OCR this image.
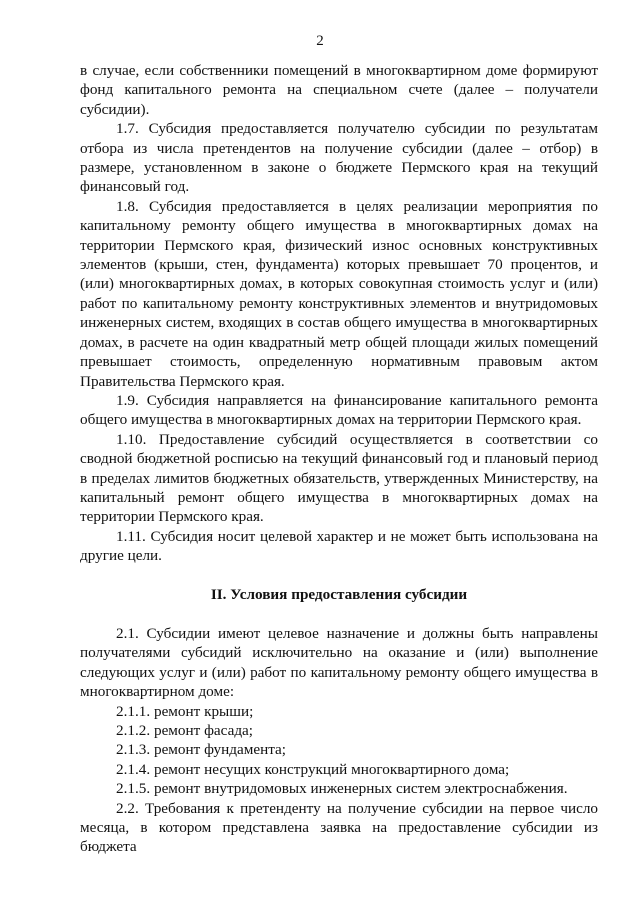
2

в случае, если собственники помещений в многоквартирном доме формируют фонд капитального ремонта на специальном счете (далее – получатели субсидии).

1.7. Субсидия предоставляется получателю субсидии по результатам отбора из числа претендентов на получение субсидии (далее – отбор) в размере, установленном в законе о бюджете Пермского края на текущий финансовый год.

1.8. Субсидия предоставляется в целях реализации мероприятия по капитальному ремонту общего имущества в многоквартирных домах на территории Пермского края, физический износ основных конструктивных элементов (крыши, стен, фундамента) которых превышает 70 процентов, и (или) многоквартирных домах, в которых совокупная стоимость услуг и (или) работ по капитальному ремонту конструктивных элементов и внутридомовых инженерных систем, входящих в состав общего имущества в многоквартирных домах, в расчете на один квадратный метр общей площади жилых помещений превышает стоимость, определенную нормативным правовым актом Правительства Пермского края.

1.9. Субсидия направляется на финансирование капитального ремонта общего имущества в многоквартирных домах на территории Пермского края.

1.10. Предоставление субсидий осуществляется в соответствии со сводной бюджетной росписью на текущий финансовый год и плановый период в пределах лимитов бюджетных обязательств, утвержденных Министерству, на капитальный ремонт общего имущества в многоквартирных домах на территории Пермского края.

1.11. Субсидия носит целевой характер и не может быть использована на другие цели.

II. Условия предоставления субсидии

2.1. Субсидии имеют целевое назначение и должны быть направлены получателями субсидий исключительно на оказание и (или) выполнение следующих услуг и (или) работ по капитальному ремонту общего имущества в многоквартирном доме:

2.1.1. ремонт крыши;

2.1.2. ремонт фасада;

2.1.3. ремонт фундамента;

2.1.4. ремонт несущих конструкций многоквартирного дома;

2.1.5. ремонт внутридомовых инженерных систем электроснабжения.

2.2. Требования к претенденту на получение субсидии на первое число месяца, в котором представлена заявка на предоставление субсидии из бюджета
